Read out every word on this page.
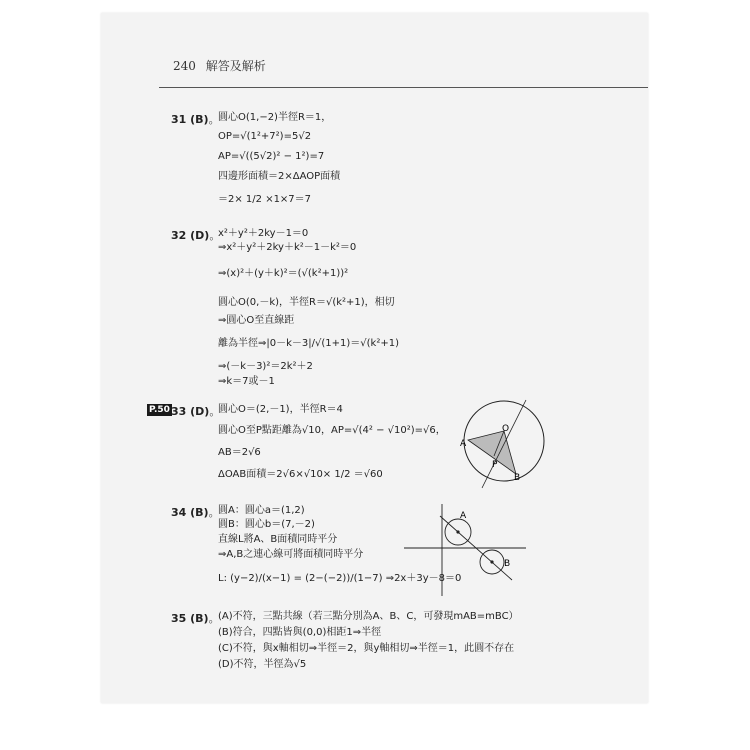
240 解答及解析
31 (B)。
圓心O(1,−2)半徑R＝1，
OP=√(1²+7²)=5√2
AP=√((5√2)² − 1²)=7
四邊形面積＝2×ΔAOP面積
＝2× 1/2 ×1×7＝7
32 (D)。
x²＋y²＋2ky－1＝0
⇒x²＋y²＋2ky＋k²－1－k²＝0
⇒(x)²＋(y＋k)²＝(√(k²+1))²
圓心O(0,－k)，半徑R＝√(k²+1)，相切
⇒圓心O至直線距
離為半徑⇒|0－k－3|/√(1+1)＝√(k²+1)
⇒(－k－3)²＝2k²＋2
⇒k＝7或－1
P.50 33 (D)。
圓心O＝(2,－1)，半徑R＝4
圓心O至P點距離為√10，AP=√(4² − √10²)=√6，
AB＝2√6
ΔOAB面積＝2√6×√10× 1/2 ＝√60
O
A
P
B
34 (B)。
圓A：圓心a＝(1,2)
圓B：圓心b＝(7,－2)
直線L將A、B面積同時平分
⇒A,B之連心線可將面積同時平分
L: (y−2)/(x−1) = (2−(−2))/(1−7) ⇒2x＋3y－8＝0
A
B
35 (B)。
(A)不符，三點共線（若三點分別為A、B、C，可發現mAB=mBC）
(B)符合，四點皆與(0,0)相距1⇒半徑
(C)不符，與x軸相切⇒半徑＝2，與y軸相切⇒半徑＝1，此圓不存在
(D)不符，半徑為√5
